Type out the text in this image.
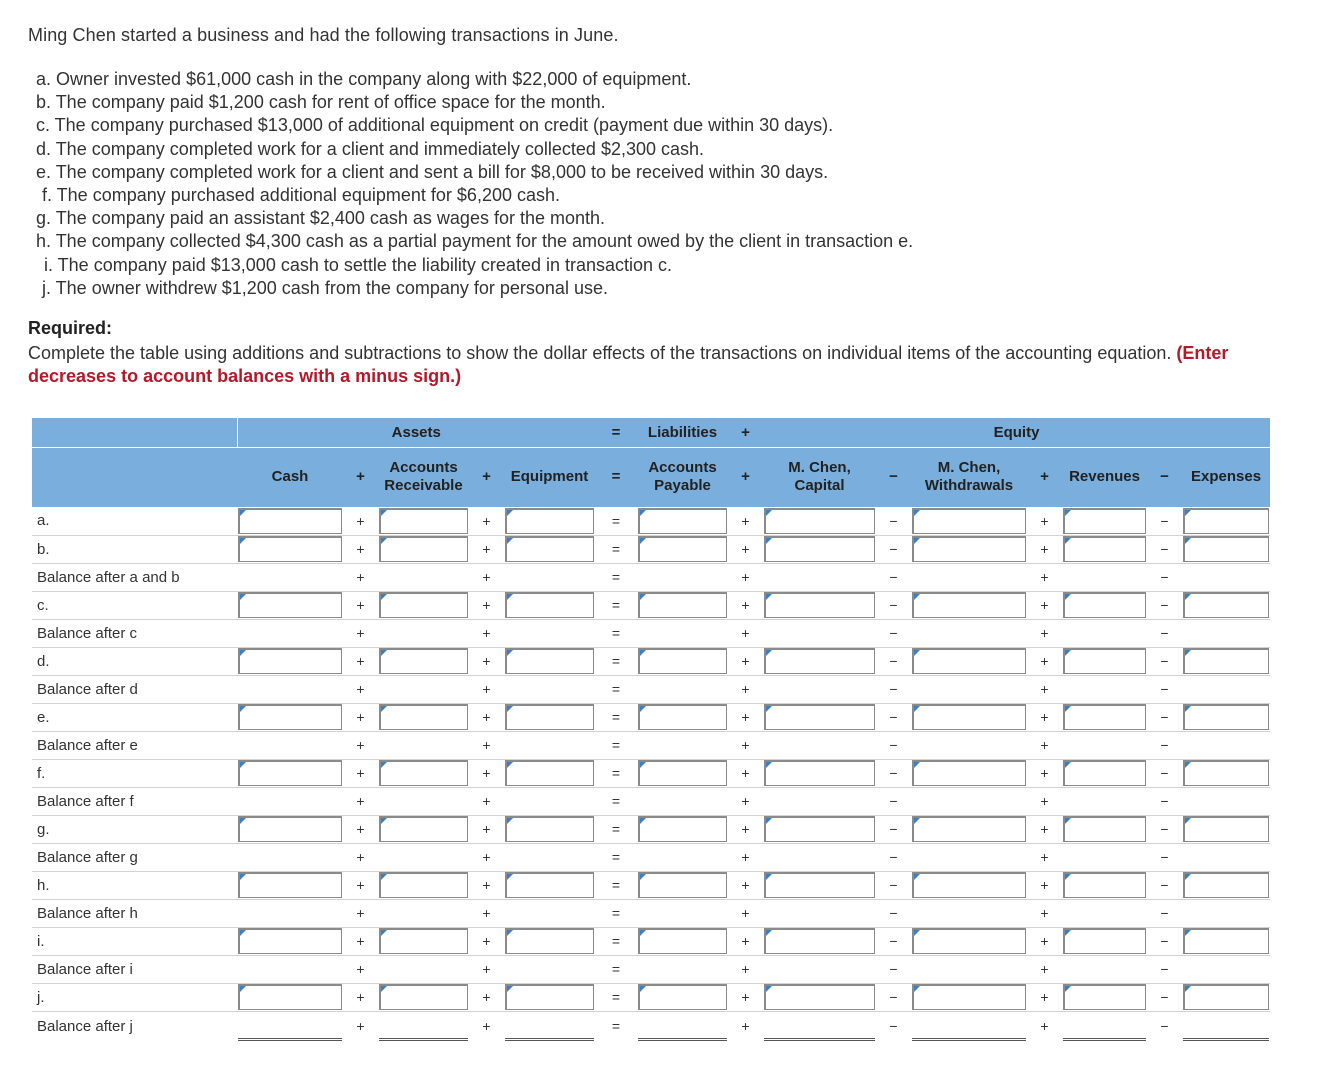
Ming Chen started a business and had the following transactions in June.
a. Owner invested $61,000 cash in the company along with $22,000 of equipment.
b. The company paid $1,200 cash for rent of office space for the month.
c. The company purchased $13,000 of additional equipment on credit (payment due within 30 days).
d. The company completed work for a client and immediately collected $2,300 cash.
e. The company completed work for a client and sent a bill for $8,000 to be received within 30 days.
f. The company purchased additional equipment for $6,200 cash.
g. The company paid an assistant $2,400 cash as wages for the month.
h. The company collected $4,300 cash as a partial payment for the amount owed by the client in transaction e.
i. The company paid $13,000 cash to settle the liability created in transaction c.
j. The owner withdrew $1,200 cash from the company for personal use.
Required:
Complete the table using additions and subtractions to show the dollar effects of the transactions on individual items of the accounting equation. (Enter decreases to account balances with a minus sign.)
	Assets					=	Liabilities	+	Equity						
	Cash	+	Accounts Receivable	+	Equipment	=	Accounts Payable	+	M. Chen, Capital	−	M. Chen, Withdrawals	+	Revenues	−	Expenses
a.		+		+		=		+		−		+		−	

b.		+		+		=		+		−		+		−	

Balance after a and b		+		+		=		+		−		+		−	

c.		+		+		=		+		−		+		−	

Balance after c		+		+		=		+		−		+		−	

d.		+		+		=		+		−		+		−	

Balance after d		+		+		=		+		−		+		−	

e.		+		+		=		+		−		+		−	

Balance after e		+		+		=		+		−		+		−	

f.		+		+		=		+		−		+		−	

Balance after f		+		+		=		+		−		+		−	

g.		+		+		=		+		−		+		−	

Balance after g		+		+		=		+		−		+		−	

h.		+		+		=		+		−		+		−	

Balance after h		+		+		=		+		−		+		−	

i.		+		+		=		+		−		+		−	

Balance after i		+		+		=		+		−		+		−	

j.		+		+		=		+		−		+		−	

Balance after j		+		+		=		+		−		+		−	
